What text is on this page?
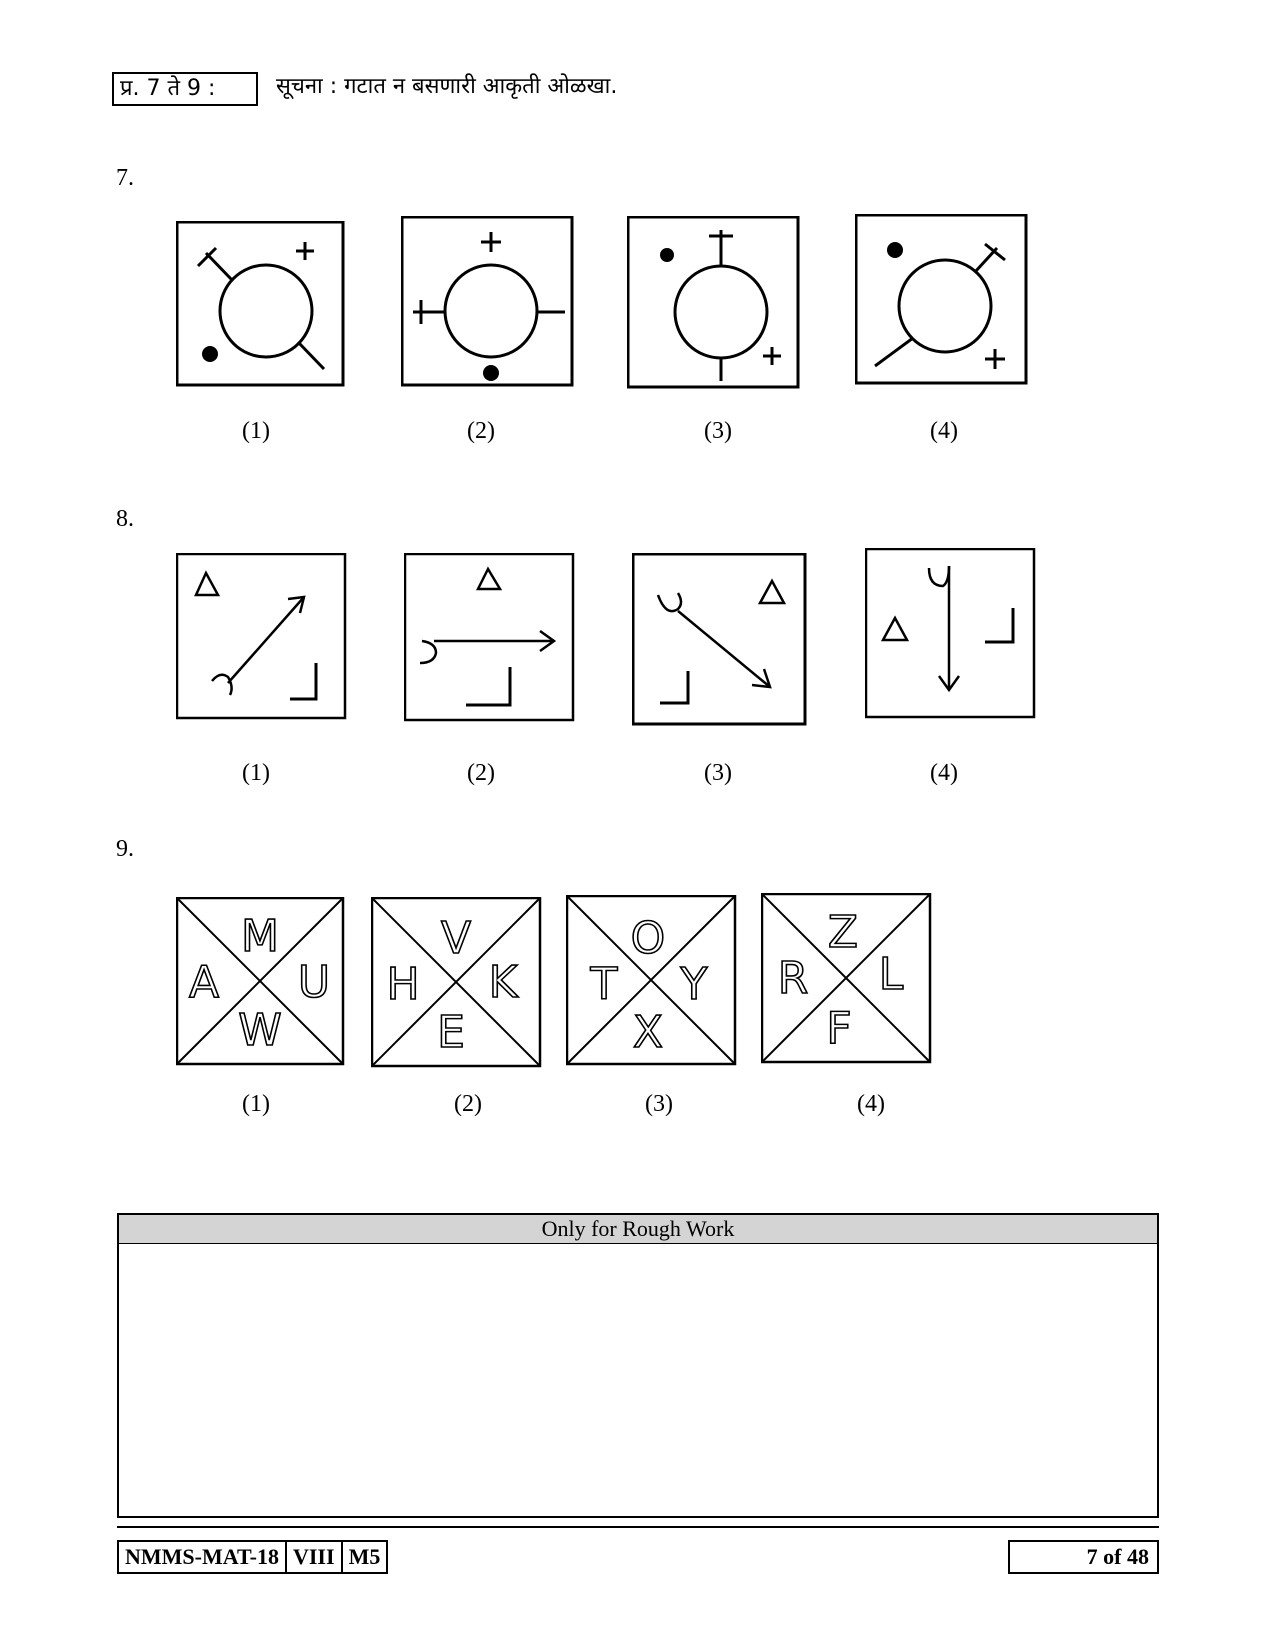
प्र. 7 ते 9 :	सूचना : गटात न बसणारी आकृती ओळखा.
7.
(1)	(2)	(3)	(4)
8.
(1)	(2)	(3)	(4)
9.
M
A U
W
V
H K
E
O
T Y
X
Z
R L
F
(1)	(2)	(3)	(4)
Only for Rough Work
NMMS-MAT-18 VIII M5	7 of 48
